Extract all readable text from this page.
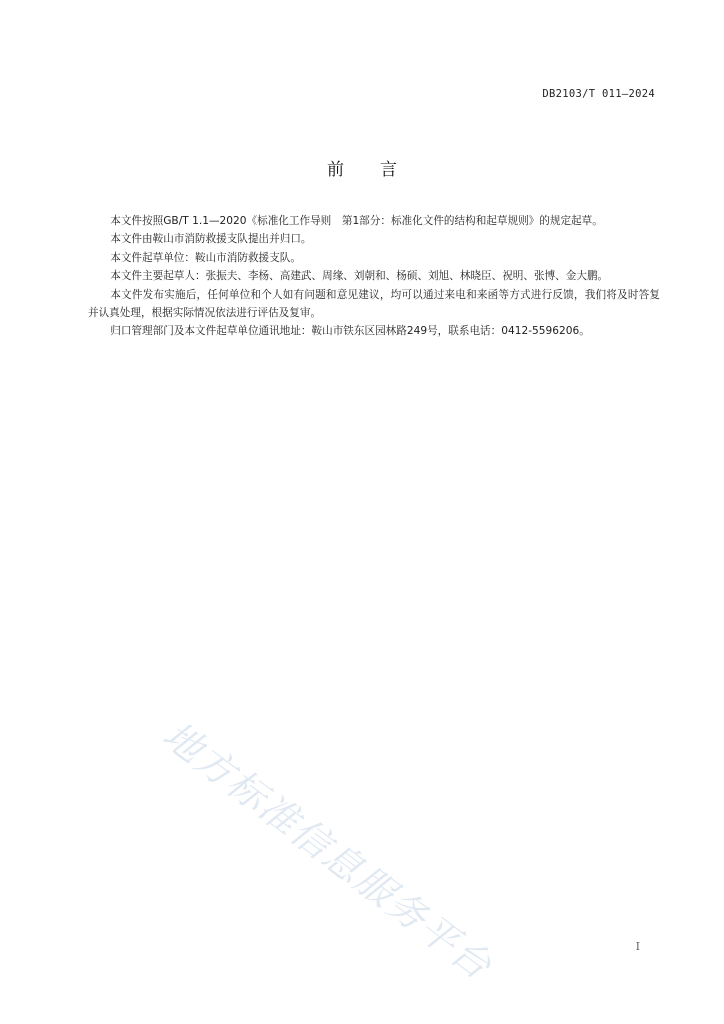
DB2103/T 011—2024
前言

本文件按照GB/T 1.1—2020《标准化工作导则　第1部分：标准化文件的结构和起草规则》的规定起草。

本文件由鞍山市消防救援支队提出并归口。

本文件起草单位：鞍山市消防救援支队。

本文件主要起草人：张振夫、李杨、高建武、周缘、刘朝和、杨硕、刘旭、林晓臣、祝明、张博、金大鹏。

本文件发布实施后，任何单位和个人如有问题和意见建议，均可以通过来电和来函等方式进行反馈，我们将及时答复并认真处理，根据实际情况依法进行评估及复审。

归口管理部门及本文件起草单位通讯地址：鞍山市铁东区园林路249号，联系电话：0412-5596206。

地方标准信息服务平台	I
